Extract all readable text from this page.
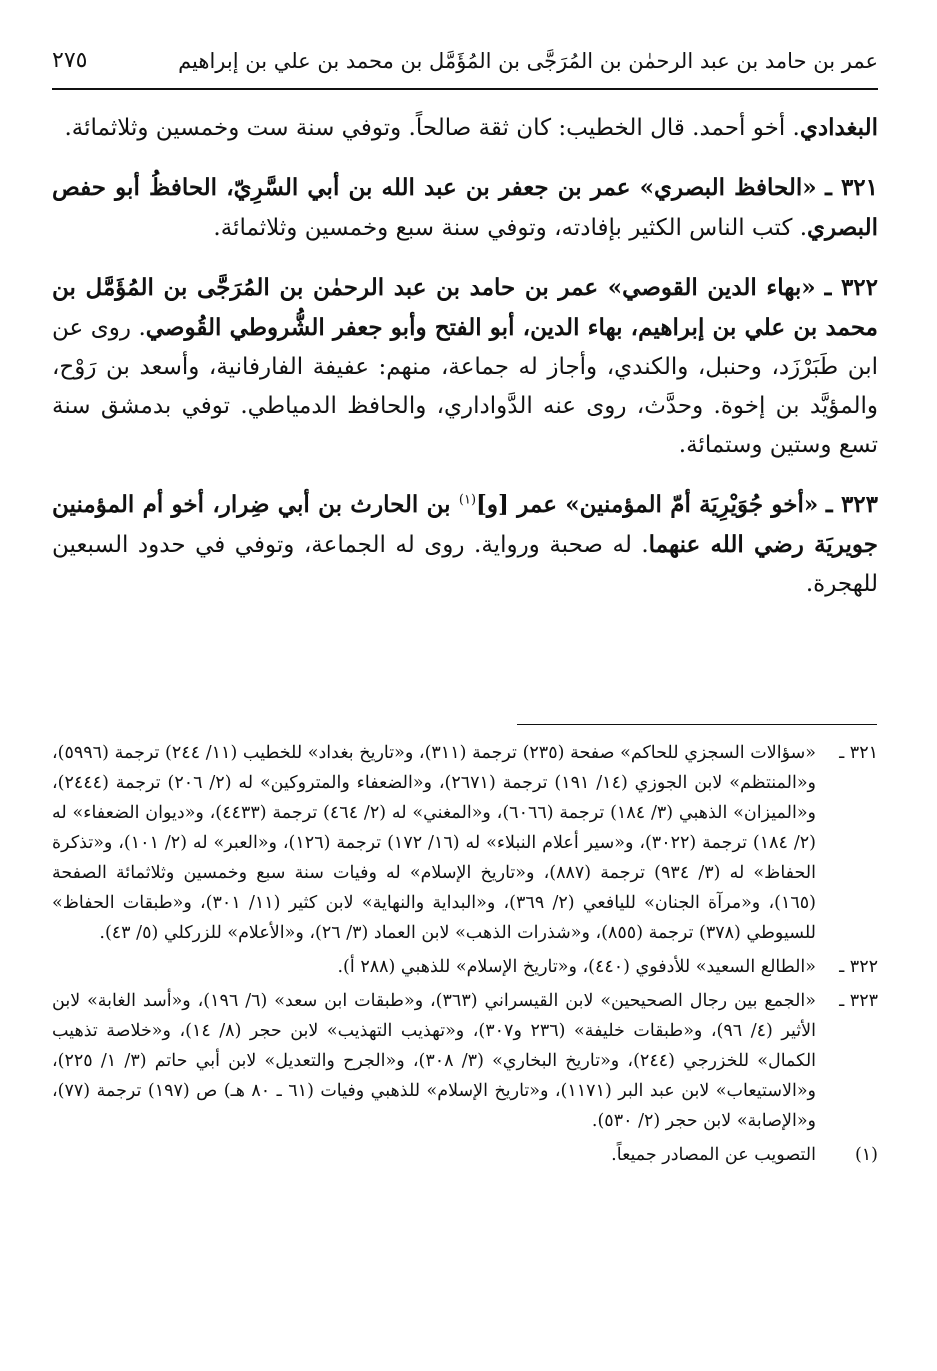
عمر بن حامد بن عبد الرحمٰن بن المُرَجَّى بن المُؤَمَّل بن محمد بن علي بن إبراهيم
٢٧٥

البغدادي. أخو أحمد. قال الخطيب: كان ثقة صالحاً. وتوفي سنة ست وخمسين وثلاثمائة.

٣٢١ ـ «الحافظ البصري» عمر بن جعفر بن عبد الله بن أبي السَّرِيّ، الحافظُ أبو حفص البصري. كتب الناس الكثير بإفادته، وتوفي سنة سبع وخمسين وثلاثمائة.

٣٢٢ ـ «بهاء الدين القوصي» عمر بن حامد بن عبد الرحمٰن بن المُرَجَّى بن المُؤَمَّل بن محمد بن علي بن إبراهيم، بهاء الدين، أبو الفتح وأبو جعفر الشُّروطي القُوصي. روى عن ابن طَبَرْزَد، وحنبل، والكندي، وأجاز له جماعة، منهم: عفيفة الفارفانية، وأسعد بن رَوْح، والمؤيَّد بن إخوة. وحدَّث، روى عنه الدَّواداري، والحافظ الدمياطي. توفي بدمشق سنة تسع وستين وستمائة.

٣٢٣ ـ «أخو جُوَيْرِيَة أمّ المؤمنين» عمر [و]$^{(١)}$ بن الحارث بن أبي ضِرار، أخو أم المؤمنين جويريَة رضي الله عنهما. له صحبة ورواية. روى له الجماعة، وتوفي في حدود السبعين للهجرة.

٣٢١ ـ
«سؤالات السجزي للحاكم» صفحة (٢٣٥) ترجمة (٣١١)، و«تاريخ بغداد» للخطيب (١١/ ٢٤٤) ترجمة (٥٩٩٦)، و«المنتظم» لابن الجوزي (١٤/ ١٩١) ترجمة (٢٦٧١)، و«الضعفاء والمتروكين» له (٢/ ٢٠٦) ترجمة (٢٤٤٤)، و«الميزان» الذهبي (٣/ ١٨٤) ترجمة (٦٠٦٦)، و«المغني» له (٢/ ٤٦٤) ترجمة (٤٤٣٣)، و«ديوان الضعفاء» له (٢/ ١٨٤) ترجمة (٣٠٢٢)، و«سير أعلام النبلاء» له (١٦/ ١٧٢) ترجمة (١٢٦)، و«العبر» له (٢/ ١٠١)، و«تذكرة الحفاظ» له (٣/ ٩٣٤) ترجمة (٨٨٧)، و«تاريخ الإسلام» له وفيات سنة سبع وخمسين وثلاثمائة الصفحة (١٦٥)، و«مرآة الجنان» لليافعي (٢/ ٣٦٩)، و«البداية والنهاية» لابن كثير (١١/ ٣٠١)، و«طبقات الحفاظ» للسيوطي (٣٧٨) ترجمة (٨٥٥)، و«شذرات الذهب» لابن العماد (٣/ ٢٦)، و«الأعلام» للزركلي (٥/ ٤٣).
٣٢٢ ـ
«الطالع السعيد» للأدفوي (٤٤٠)، و«تاريخ الإسلام» للذهبي (٢٨٨ أ).
٣٢٣ ـ
«الجمع بين رجال الصحيحين» لابن القيسراني (٣٦٣)، و«طبقات ابن سعد» (٦/ ١٩٦)، و«أسد الغابة» لابن الأثير (٤/ ٩٦)، و«طبقات خليفة» (٢٣٦ و٣٠٧)، و«تهذيب التهذيب» لابن حجر (٨/ ١٤)، و«خلاصة تذهيب الكمال» للخزرجي (٢٤٤)، و«تاريخ البخاري» (٣/ ٣٠٨)، و«الجرح والتعديل» لابن أبي حاتم (٣/ ١/ ٢٢٥)، و«الاستيعاب» لابن عبد البر (١١٧١)، و«تاريخ الإسلام» للذهبي وفيات (٦١ ـ ٨٠ هـ) ص (١٩٧) ترجمة (٧٧)، و«الإصابة» لابن حجر (٢/ ٥٣٠).
(١)
التصويب عن المصادر جميعاً.
